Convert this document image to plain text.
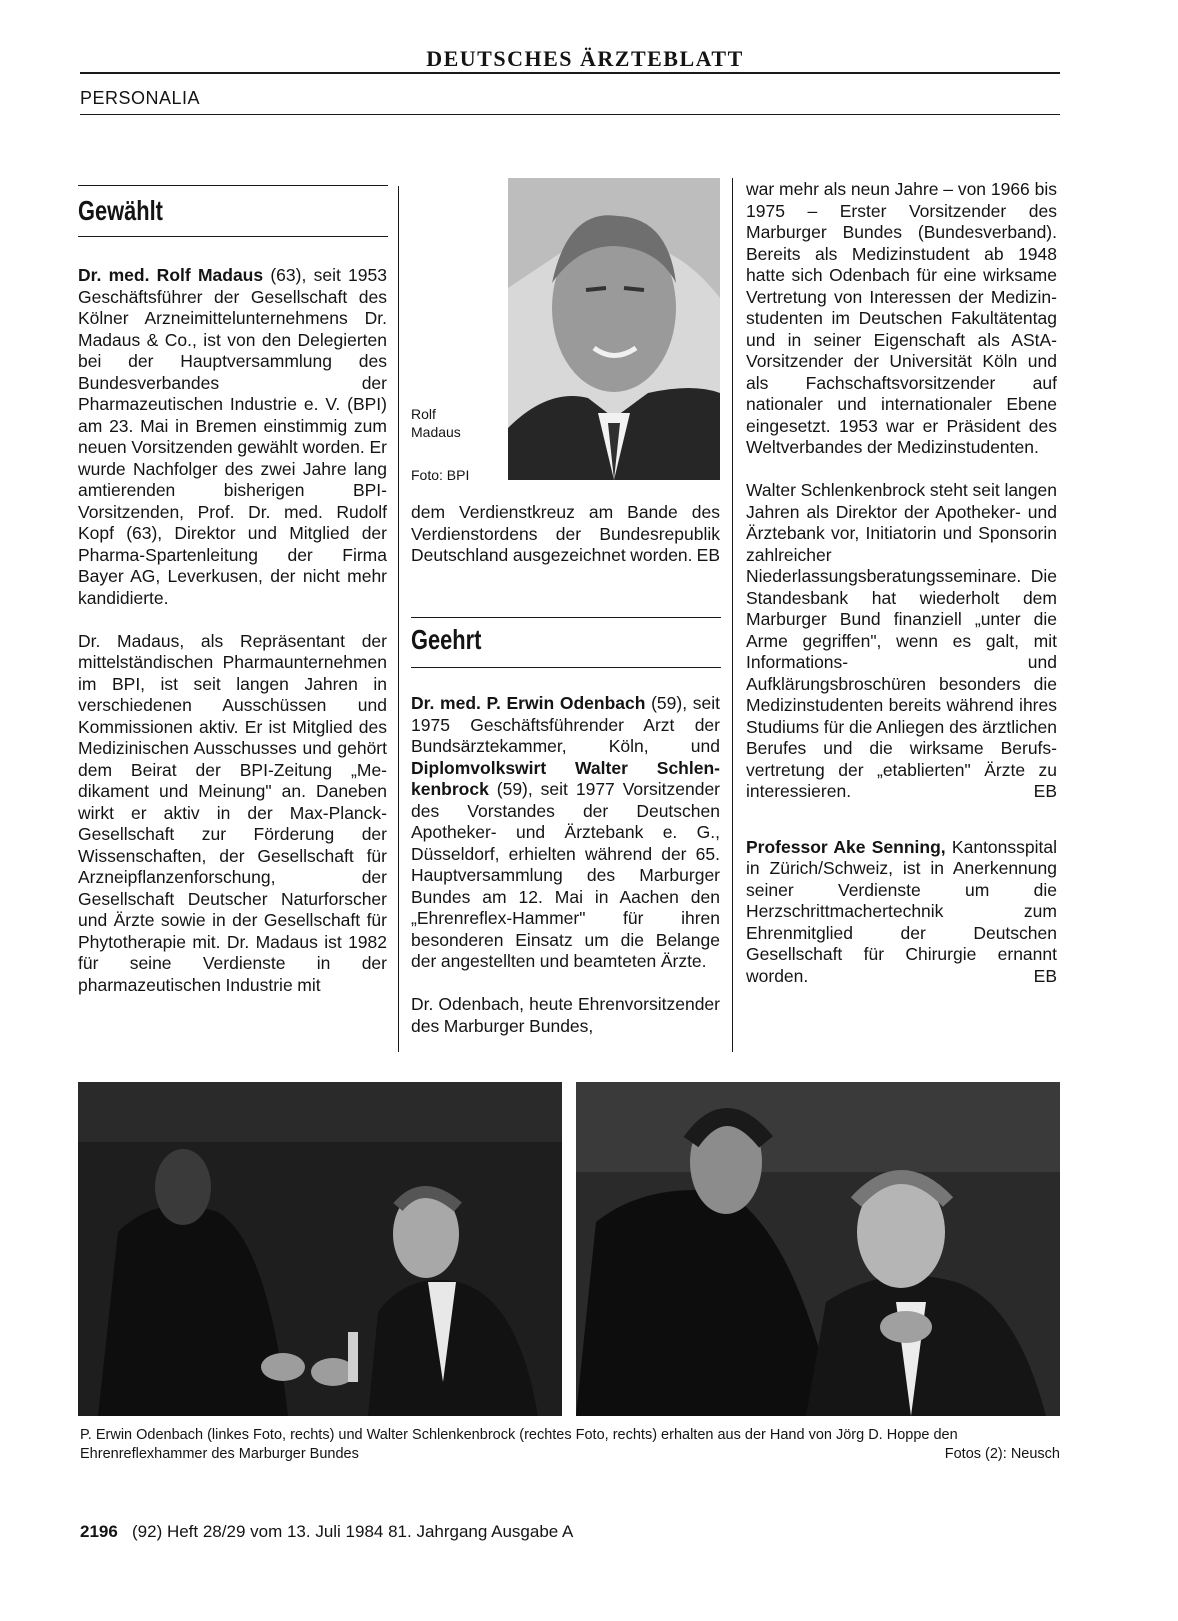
DEUTSCHES ÄRZTEBLATT
PERSONALIA
Gewählt

Dr. med. Rolf Madaus (63), seit 1953 Geschäftsführer der Gesellschaft des Kölner Arzneimittelunternehmens Dr. Madaus & Co., ist von den Delegierten bei der Hauptversammlung des Bundesverbandes der Pharmazeutischen Industrie e. V. (BPI) am 23. Mai in Bremen einstimmig zum neuen Vorsitzenden gewählt worden. Er wurde Nachfolger des zwei Jahre lang amtierenden bisherigen BPI-Vorsitzenden, Prof. Dr. med. Rudolf Kopf (63), Direktor und Mitglied der Pharma-Spartenleitung der Firma Bayer AG, Leverkusen, der nicht mehr kandidierte.

Dr. Madaus, als Repräsentant der mittelständischen Pharmaunternehmen im BPI, ist seit langen Jahren in verschiedenen Ausschüssen und Kommissionen aktiv. Er ist Mitglied des Medizinischen Ausschusses und gehört dem Beirat der BPI-Zeitung „Medikament und Meinung" an. Daneben wirkt er aktiv in der Max-Planck-Gesellschaft zur Förderung der Wissenschaften, der Gesellschaft für Arzneipflanzenforschung, der Gesellschaft Deutscher Naturforscher und Ärzte sowie in der Gesellschaft für Phytotherapie mit. Dr. Madaus ist 1982 für seine Verdienste in der pharmazeutischen Industrie mit

Rolf
Madaus
Foto: BPI

dem Verdienstkreuz am Bande des Verdienstordens der Bundesrepublik Deutschland ausgezeichnet worden. EB

Geehrt

Dr. med. P. Erwin Odenbach (59), seit 1975 Geschäftsführender Arzt der Bundsärztekammer, Köln, und Diplomvolkswirt Walter Schlenkenbrock (59), seit 1977 Vorsitzender des Vorstandes der Deutschen Apotheker- und Ärztebank e. G., Düsseldorf, erhielten während der 65. Hauptversammlung des Marburger Bundes am 12. Mai in Aachen den „Ehrenreflex-Hammer" für ihren besonderen Einsatz um die Belange der angestellten und beamteten Ärzte.

Dr. Odenbach, heute Ehrenvorsitzender des Marburger Bundes,

war mehr als neun Jahre – von 1966 bis 1975 – Erster Vorsitzender des Marburger Bundes (Bundesverband). Bereits als Medizinstudent ab 1948 hatte sich Odenbach für eine wirksame Vertretung von Interessen der Medizinstudenten im Deutschen Fakultätentag und in seiner Eigenschaft als AStA-Vorsitzender der Universität Köln und als Fachschaftsvorsitzender auf nationaler und internationaler Ebene eingesetzt. 1953 war er Präsident des Weltverbandes der Medizinstudenten.

Walter Schlenkenbrock steht seit langen Jahren als Direktor der Apotheker- und Ärztebank vor, Initiatorin und Sponsorin zahlreicher Niederlassungsberatungsseminare. Die Standesbank hat wiederholt dem Marburger Bund finanziell „unter die Arme gegriffen", wenn es galt, mit Informations- und Aufklärungsbroschüren besonders die Medizinstudenten bereits während ihres Studiums für die Anliegen des ärztlichen Berufes und die wirksame Berufsvertretung der „etablierten" Ärzte zu interessieren.	EB

Professor Ake Senning, Kantonsspital in Zürich/Schweiz, ist in Anerkennung seiner Verdienste um die Herzschrittmachertechnik zum Ehrenmitglied der Deutschen Gesellschaft für Chirurgie ernannt worden.	EB

P. Erwin Odenbach (linkes Foto, rechts) und Walter Schlenkenbrock (rechtes Foto, rechts) erhalten aus der Hand von Jörg D. Hoppe den Ehrenreflexhammer des Marburger Bundes	Fotos (2): Neusch
2196 (92) Heft 28/29 vom 13. Juli 1984 81. Jahrgang Ausgabe A
